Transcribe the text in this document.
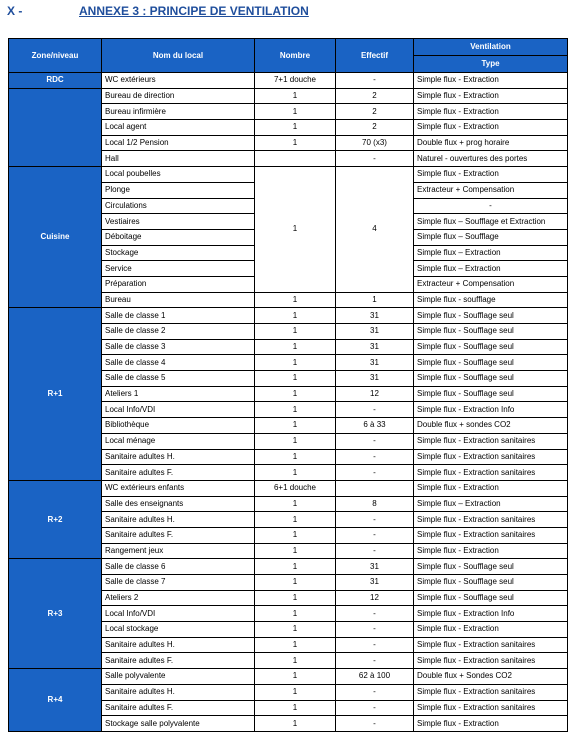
X -	ANNEXE 3 : PRINCIPE DE VENTILATION
Zone/niveau	Nom du local	Nombre	Effectif	Ventilation
				Type
RDC	WC extérieurs	7+1 douche	-	Simple flux - Extraction
	Bureau de direction	1	2	Simple flux - Extraction
	Bureau infirmière	1	2	Simple flux - Extraction
	Local agent	1	2	Simple flux - Extraction
	Local 1/2 Pension	1	70 (x3)	Double flux + prog horaire
	Hall		-	Naturel - ouvertures des portes
Cuisine	Local poubelles	1	4	Simple flux - Extraction
	Plonge			Extracteur + Compensation
	Circulations			-
	Vestiaires			Simple flux – Soufflage et Extraction
	Déboitage			Simple flux – Soufflage
	Stockage			Simple flux – Extraction
	Service			Simple flux – Extraction
	Préparation			Extracteur + Compensation
	Bureau	1	1	Simple flux - soufflage
R+1	Salle de classe 1	1	31	Simple flux - Soufflage seul
	Salle de classe 2	1	31	Simple flux - Soufflage seul
	Salle de classe 3	1	31	Simple flux - Soufflage seul
	Salle de classe 4	1	31	Simple flux - Soufflage seul
	Salle de classe 5	1	31	Simple flux - Soufflage seul
	Ateliers 1	1	12	Simple flux - Soufflage seul
	Local Info/VDI	1	-	Simple flux - Extraction Info
	Bibliothèque	1	6 à 33	Double flux + sondes CO2
	Local ménage	1	-	Simple flux - Extraction sanitaires
	Sanitaire adultes H.	1	-	Simple flux - Extraction sanitaires
	Sanitaire adultes F.	1	-	Simple flux - Extraction sanitaires
R+2	WC extérieurs enfants	6+1 douche		Simple flux - Extraction
	Salle des enseignants	1	8	Simple flux – Extraction
	Sanitaire adultes H.	1	-	Simple flux - Extraction sanitaires
	Sanitaire adultes F.	1	-	Simple flux - Extraction sanitaires
	Rangement jeux	1	-	Simple flux - Extraction
R+3	Salle de classe 6	1	31	Simple flux - Soufflage seul
	Salle de classe 7	1	31	Simple flux - Soufflage seul
	Ateliers 2	1	12	Simple flux - Soufflage seul
	Local Info/VDI	1	-	Simple flux - Extraction Info
	Local stockage	1	-	Simple flux - Extraction
	Sanitaire adultes H.	1	-	Simple flux - Extraction sanitaires
	Sanitaire adultes F.	1	-	Simple flux - Extraction sanitaires
R+4	Salle polyvalente	1	62 à 100	Double flux + Sondes CO2
	Sanitaire adultes H.	1	-	Simple flux - Extraction sanitaires
	Sanitaire adultes F.	1	-	Simple flux - Extraction sanitaires
	Stockage salle polyvalente	1	-	Simple flux - Extraction
